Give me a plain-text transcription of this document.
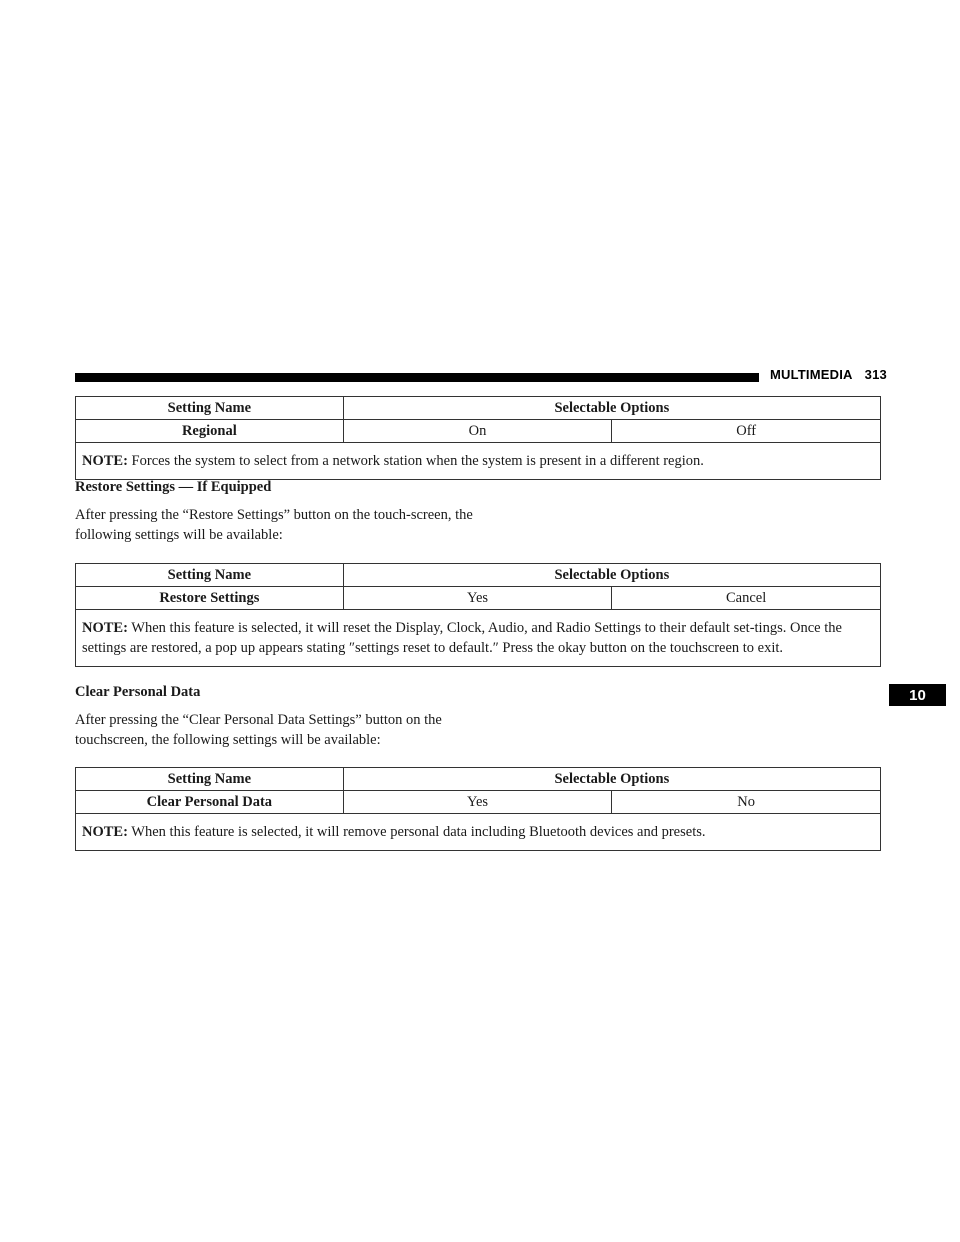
MULTIMEDIA 313
10
Setting Name	Selectable Options	
Regional	On	Off
NOTE: Forces the system to select from a network station when the system is present in a different region.		
Restore Settings — If Equipped
After pressing the “Restore Settings” button on the touch-screen, the following settings will be available:
Setting Name	Selectable Options	
Restore Settings	Yes	Cancel
NOTE: When this feature is selected, it will reset the Display, Clock, Audio, and Radio Settings to their default set-tings. Once the settings are restored, a pop up appears stating ″settings reset to default.″ Press the okay button on the touchscreen to exit.		
Clear Personal Data
After pressing the “Clear Personal Data Settings” button on the touchscreen, the following settings will be available:
Setting Name	Selectable Options	
Clear Personal Data	Yes	No
NOTE: When this feature is selected, it will remove personal data including Bluetooth devices and presets.		
